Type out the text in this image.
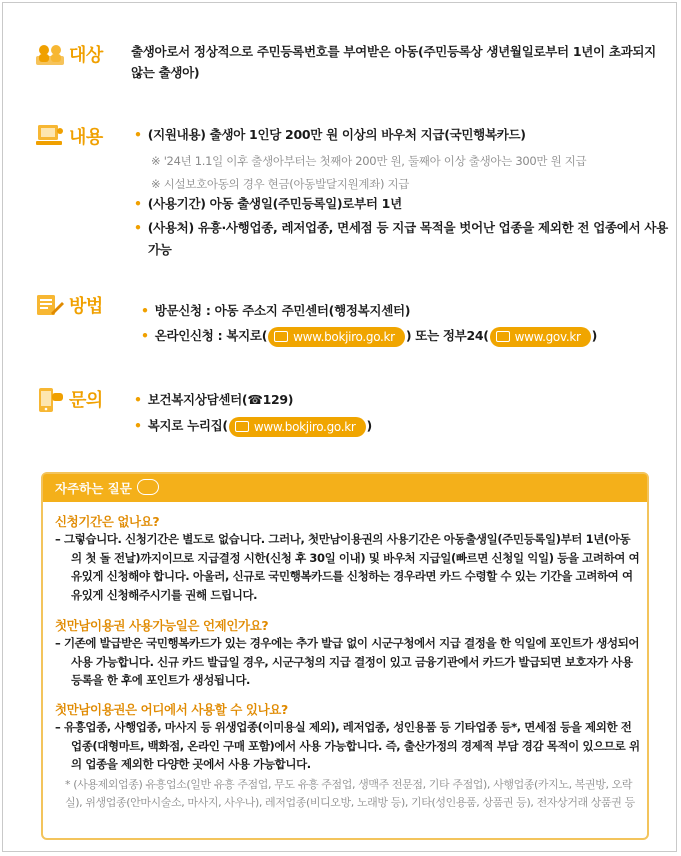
대상 출생아로서 정상적으로 주민등록번호를 부여받은 아동(주민등록상 생년월일로부터 1년이 초과되지 않는 출생아)
내용 • (지원내용) 출생아 1인당 200만 원 이상의 바우처 지급(국민행복카드)
※ '24년 1.1일 이후 출생아부터는 첫째아 200만 원, 둘째아 이상 출생아는 300만 원 지급
※ 시설보호아동의 경우 현금(아동발달지원계좌) 지급
• (사용기간) 아동 출생일(주민등록일)로부터 1년
• (사용처) 유흥·사행업종, 레저업종, 면세점 등 지급 목적을 벗어난 업종을 제외한 전 업종에서 사용 가능
방법	• 방문신청 : 아동 주소지 주민센터(행정복지센터)
• 온라인신청 : 복지로( www.bokjiro.go.kr ) 또는 정부24( www.gov.kr )
문의 • 보건복지상담센터(☎129)
• 복지로 누리집( www.bokjiro.go.kr )
자주하는 질문
신청기간은 없나요?

– 그렇습니다. 신청기간은 별도로 없습니다. 그러나, 첫만남이용권의 사용기간은 아동출생일(주민등록일)부터 1년(아동의 첫 돌 전날)까지이므로 지급결정 시한(신청 후 30일 이내) 및 바우처 지급일(빠르면 신청일 익일) 등을 고려하여 여유있게 신청해야 합니다. 아울러, 신규로 국민행복카드를 신청하는 경우라면 카드 수령할 수 있는 기간을 고려하여 여유있게 신청해주시기를 권해 드립니다.

첫만남이용권 사용가능일은 언제인가요?

– 기존에 발급받은 국민행복카드가 있는 경우에는 추가 발급 없이 시군구청에서 지급 결정을 한 익일에 포인트가 생성되어 사용 가능합니다. 신규 카드 발급일 경우, 시군구청의 지급 결정이 있고 금융기관에서 카드가 발급되면 보호자가 사용등록을 한 후에 포인트가 생성됩니다.

첫만남이용권은 어디에서 사용할 수 있나요?

– 유흥업종, 사행업종, 마사지 등 위생업종(이미용실 제외), 레저업종, 성인용품 등 기타업종 등*, 면세점 등을 제외한 전 업종(대형마트, 백화점, 온라인 구매 포함)에서 사용 가능합니다. 즉, 출산가정의 경제적 부담 경감 목적이 있으므로 위의 업종을 제외한 다양한 곳에서 사용 가능합니다.

* (사용제외업종) 유흥업소(일반 유흥 주점업, 무도 유흥 주점업, 생맥주 전문점, 기타 주점업), 사행업종(카지노, 복권방, 오락실), 위생업종(안마시술소, 마사지, 사우나), 레저업종(비디오방, 노래방 등), 기타(성인용품, 상품권 등), 전자상거래 상품권 등
